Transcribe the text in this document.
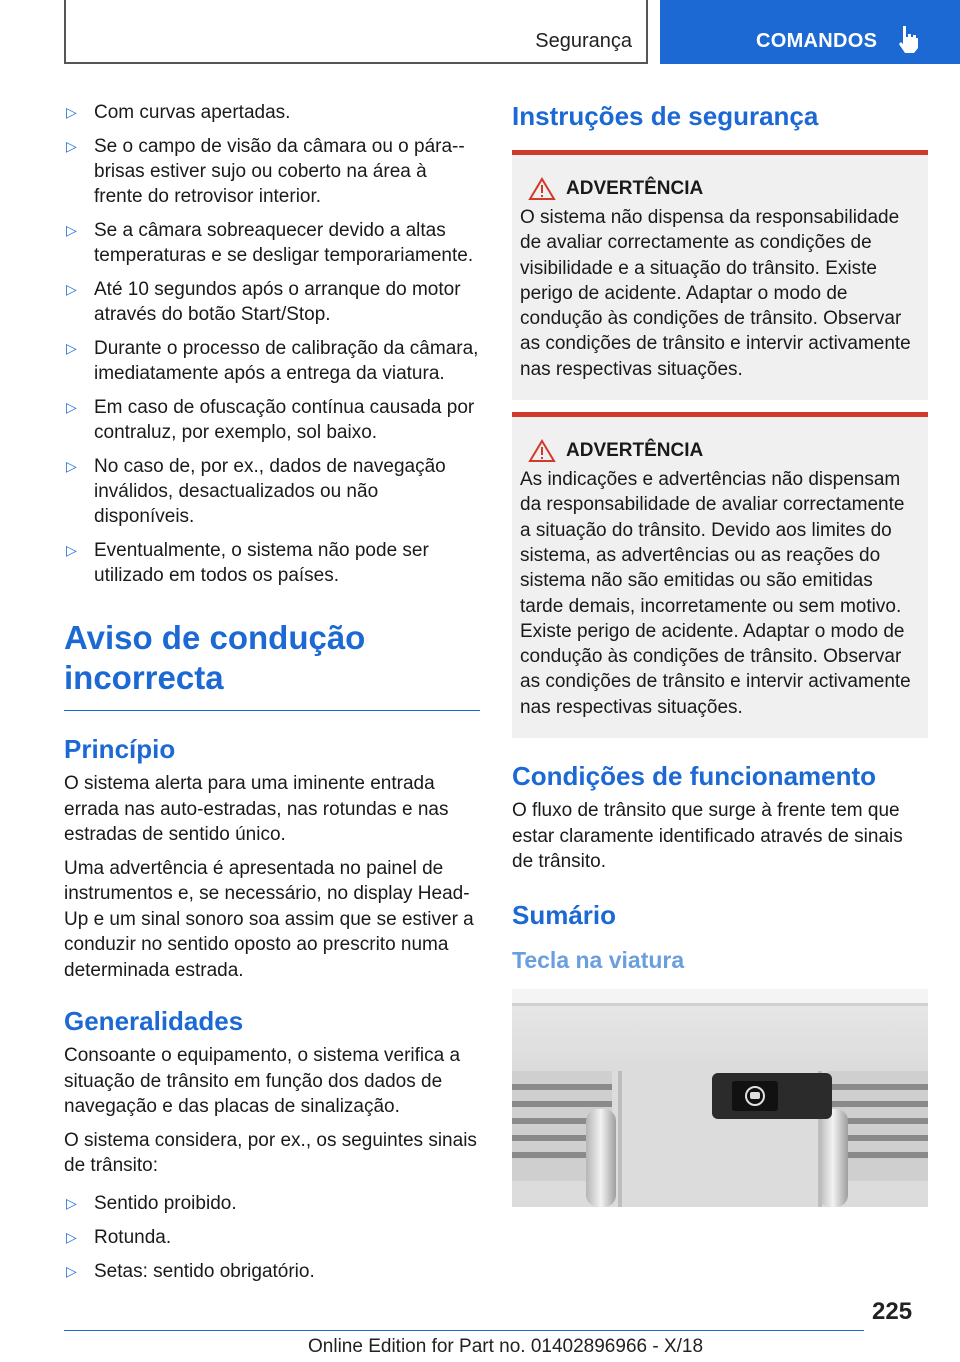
Segurança	COMANDOS
▷ Com curvas apertadas.
▷ Se o campo de visão da câmara ou o pára--brisas estiver sujo ou coberto na área à frente do retrovisor interior.
▷ Se a câmara sobreaquecer devido a altas temperaturas e se desligar temporariamente.
▷ Até 10 segundos após o arranque do motor através do botão Start/Stop.
▷ Durante o processo de calibração da câmara, imediatamente após a entrega da viatura.
▷ Em caso de ofuscação contínua causada por contraluz, por exemplo, sol baixo.
▷ No caso de, por ex., dados de navegação inválidos, desactualizados ou não disponíveis.
▷ Eventualmente, o sistema não pode ser utilizado em todos os países.
Aviso de condução incorrecta
Princípio

O sistema alerta para uma iminente entrada errada nas auto-estradas, nas rotundas e nas estradas de sentido único.

Uma advertência é apresentada no painel de instrumentos e, se necessário, no display Head-Up e um sinal sonoro soa assim que se estiver a conduzir no sentido oposto ao prescrito numa determinada estrada.

Generalidades

Consoante o equipamento, o sistema verifica a situação de trânsito em função dos dados de navegação e das placas de sinalização.

O sistema considera, por ex., os seguintes sinais de trânsito:

▷ Sentido proibido.
▷ Rotunda.
▷ Setas: sentido obrigatório.
Instruções de segurança
ADVERTÊNCIA
O sistema não dispensa da responsabilidade de avaliar correctamente as condições de visibilidade e a situação do trânsito. Existe perigo de acidente. Adaptar o modo de condução às condições de trânsito. Observar as condições de trânsito e intervir activamente nas respectivas situações.
ADVERTÊNCIA
As indicações e advertências não dispensam da responsabilidade de avaliar correctamente a situação do trânsito. Devido aos limites do sistema, as advertências ou as reações do sistema não são emitidas ou são emitidas tarde demais, incorretamente ou sem motivo. Existe perigo de acidente. Adaptar o modo de condução às condições de trânsito. Observar as condições de trânsito e intervir activamente nas respectivas situações.
Condições de funcionamento

O fluxo de trânsito que surge à frente tem que estar claramente identificado através de sinais de trânsito.

Sumário
Tecla na viatura
225
Online Edition for Part no. 01402896966 - X/18
